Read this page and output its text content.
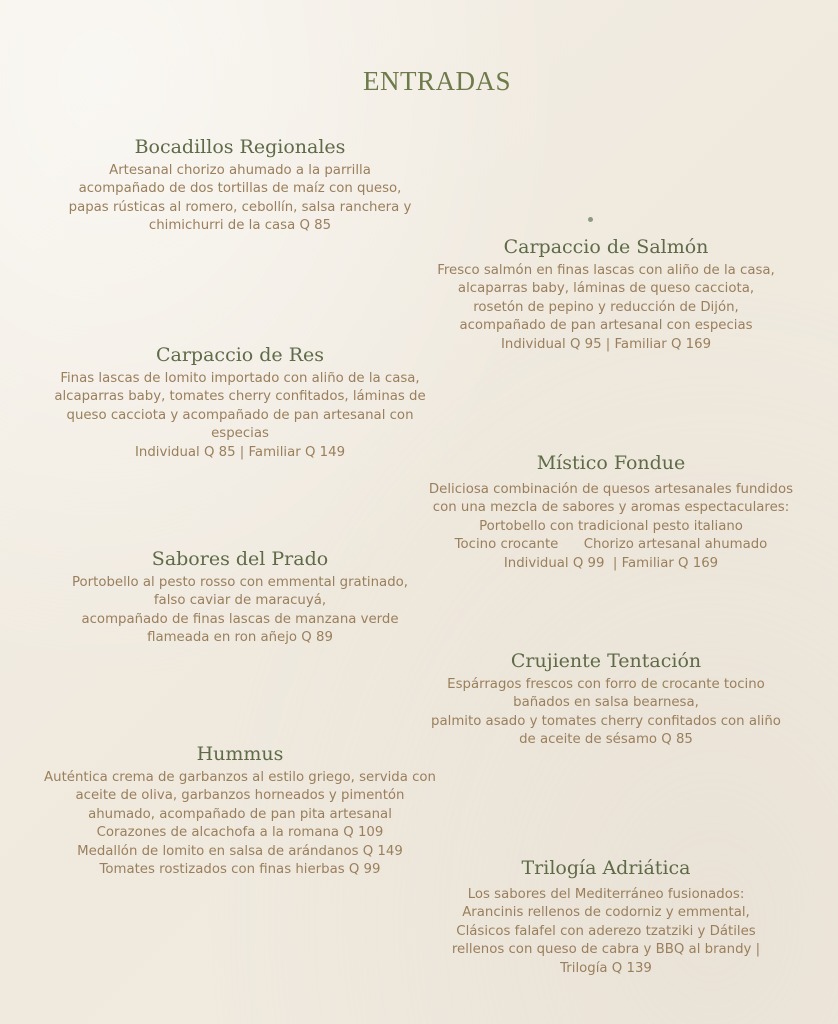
ENTRADAS
Bocadillos Regionales
Artesanal chorizo ahumado a la parrilla
acompañado de dos tortillas de maíz con queso,
papas rústicas al romero, cebollín, salsa ranchera y
chimichurri de la casa Q 85
Carpaccio de Salmón
Fresco salmón en finas lascas con aliño de la casa,
alcaparras baby, láminas de queso cacciota,
rosetón de pepino y reducción de Dijón,
acompañado de pan artesanal con especias
Individual Q 95 | Familiar Q 169
Carpaccio de Res
Finas lascas de lomito importado con aliño de la casa,
alcaparras baby, tomates cherry confitados, láminas de
queso cacciota y acompañado de pan artesanal con
especias
Individual Q 85 | Familiar Q 149	Místico Fondue
Deliciosa combinación de quesos artesanales fundidos
con una mezcla de sabores y aromas espectaculares:
Portobello con tradicional pesto italiano
Tocino crocante      Chorizo artesanal ahumado
Individual Q 99  | Familiar Q 169
Sabores del Prado
Portobello al pesto rosso con emmental gratinado,
falso caviar de maracuyá,
acompañado de finas lascas de manzana verde
flameada en ron añejo Q 89
Crujiente Tentación
Espárragos frescos con forro de crocante tocino
bañados en salsa bearnesa,
palmito asado y tomates cherry confitados con aliño
de aceite de sésamo Q 85
Hummus
Auténtica crema de garbanzos al estilo griego, servida con
aceite de oliva, garbanzos horneados y pimentón
ahumado, acompañado de pan pita artesanal
Corazones de alcachofa a la romana Q 109
Medallón de lomito en salsa de arándanos Q 149
Tomates rostizados con finas hierbas Q 99	Trilogía Adriática
Los sabores del Mediterráneo fusionados:
Arancinis rellenos de codorniz y emmental,
Clásicos falafel con aderezo tzatziki y Dátiles
rellenos con queso de cabra y BBQ al brandy |
Trilogía Q 139
